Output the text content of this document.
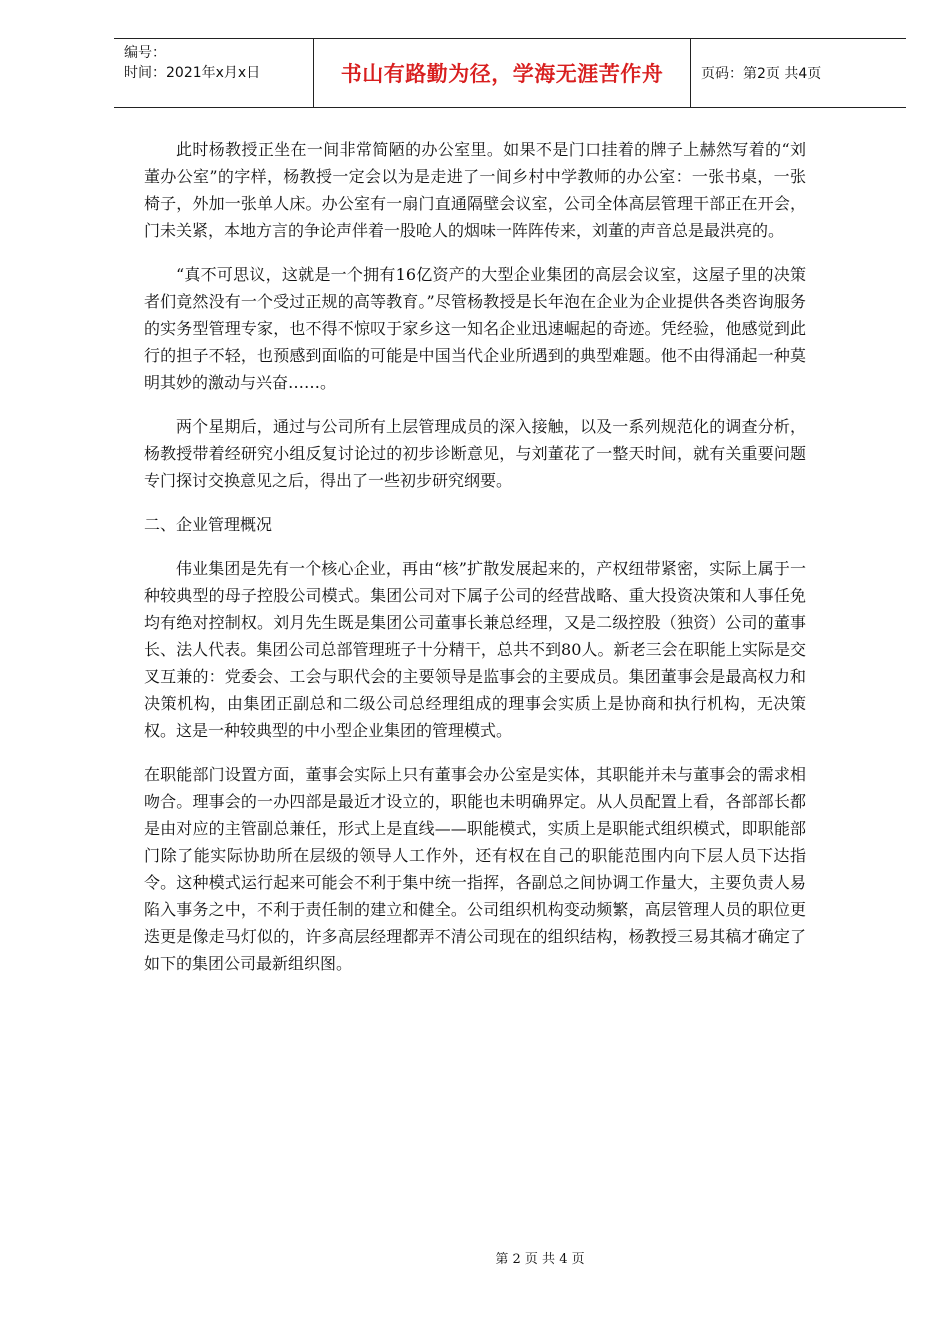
编号：
时间：2021年x月x日	书山有路勤为径，学海无涯苦作舟	页码：第2页 共4页

此时杨教授正坐在一间非常简陋的办公室里。如果不是门口挂着的牌子上赫然写着的“刘董办公室”的字样，杨教授一定会以为是走进了一间乡村中学教师的办公室：一张书桌，一张椅子，外加一张单人床。办公室有一扇门直通隔壁会议室，公司全体高层管理干部正在开会，门未关紧，本地方言的争论声伴着一股呛人的烟味一阵阵传来，刘董的声音总是最洪亮的。

“真不可思议，这就是一个拥有16亿资产的大型企业集团的高层会议室，这屋子里的决策者们竟然没有一个受过正规的高等教育。”尽管杨教授是长年泡在企业为企业提供各类咨询服务的实务型管理专家，也不得不惊叹于家乡这一知名企业迅速崛起的奇迹。凭经验，他感觉到此行的担子不轻，也预感到面临的可能是中国当代企业所遇到的典型难题。他不由得涌起一种莫明其妙的激动与兴奋……。

两个星期后，通过与公司所有上层管理成员的深入接触，以及一系列规范化的调查分析，杨教授带着经研究小组反复讨论过的初步诊断意见，与刘董花了一整天时间，就有关重要问题专门探讨交换意见之后，得出了一些初步研究纲要。

二、企业管理概况

伟业集团是先有一个核心企业，再由“核”扩散发展起来的，产权纽带紧密，实际上属于一种较典型的母子控股公司模式。集团公司对下属子公司的经营战略、重大投资决策和人事任免均有绝对控制权。刘月先生既是集团公司董事长兼总经理，又是二级控股（独资）公司的董事长、法人代表。集团公司总部管理班子十分精干，总共不到80人。新老三会在职能上实际是交叉互兼的：党委会、工会与职代会的主要领导是监事会的主要成员。集团董事会是最高权力和决策机构，由集团正副总和二级公司总经理组成的理事会实质上是协商和执行机构，无决策权。这是一种较典型的中小型企业集团的管理模式。

在职能部门设置方面，董事会实际上只有董事会办公室是实体，其职能并未与董事会的需求相吻合。理事会的一办四部是最近才设立的，职能也未明确界定。从人员配置上看，各部部长都是由对应的主管副总兼任，形式上是直线——职能模式，实质上是职能式组织模式，即职能部门除了能实际协助所在层级的领导人工作外，还有权在自己的职能范围内向下层人员下达指令。这种模式运行起来可能会不利于集中统一指挥，各副总之间协调工作量大，主要负责人易陷入事务之中，不利于责任制的建立和健全。公司组织机构变动频繁，高层管理人员的职位更迭更是像走马灯似的，许多高层经理都弄不清公司现在的组织结构，杨教授三易其稿才确定了如下的集团公司最新组织图。

第 2 页 共 4 页
